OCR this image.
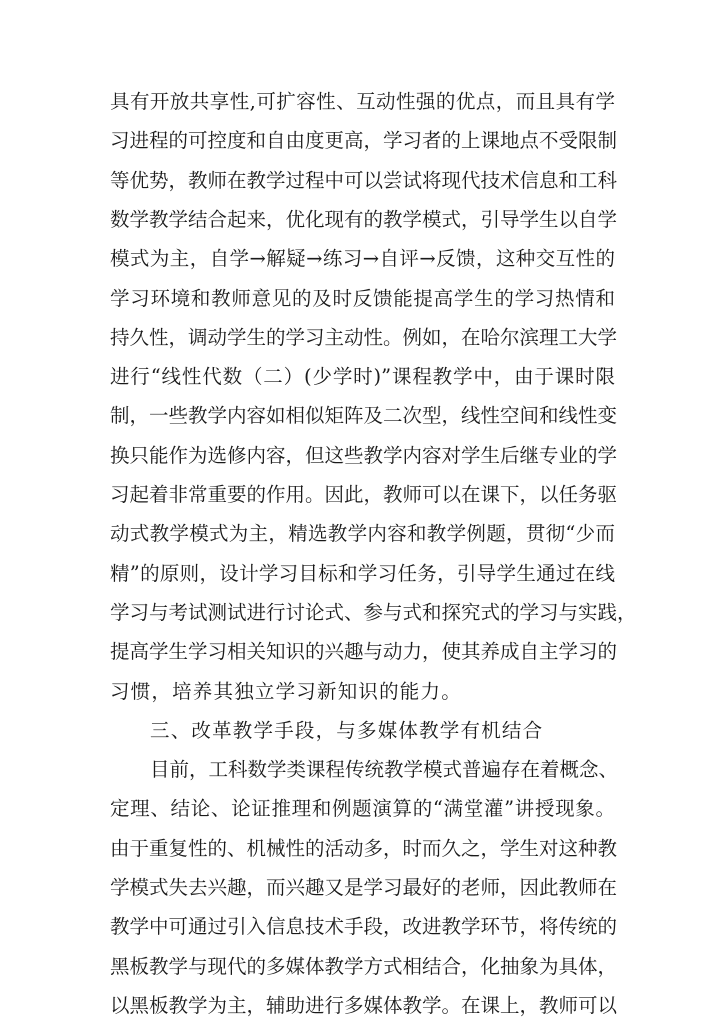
具有开放共享性,可扩容性、互动性强的优点，而且具有学
习进程的可控度和自由度更高，学习者的上课地点不受限制
等优势，教师在教学过程中可以尝试将现代技术信息和工科
数学教学结合起来，优化现有的教学模式，引导学生以自学
模式为主，自学→解疑→练习→自评→反馈，这种交互性的
学习环境和教师意见的及时反馈能提高学生的学习热情和
持久性，调动学生的学习主动性。例如，在哈尔滨理工大学
进行“线性代数（二）(少学时)”课程教学中，由于课时限
制，一些教学内容如相似矩阵及二次型，线性空间和线性变
换只能作为选修内容，但这些教学内容对学生后继专业的学
习起着非常重要的作用。因此，教师可以在课下，以任务驱
动式教学模式为主，精选教学内容和教学例题，贯彻“少而
精”的原则，设计学习目标和学习任务，引导学生通过在线
学习与考试测试进行讨论式、参与式和探究式的学习与实践，
提高学生学习相关知识的兴趣与动力，使其养成自主学习的
习惯，培养其独立学习新知识的能力。
三、改革教学手段，与多媒体教学有机结合
目前，工科数学类课程传统教学模式普遍存在着概念、
定理、结论、论证推理和例题演算的“满堂灌”讲授现象。
由于重复性的、机械性的活动多，时而久之，学生对这种教
学模式失去兴趣，而兴趣又是学习最好的老师，因此教师在
教学中可通过引入信息技术手段，改进教学环节，将传统的
黑板教学与现代的多媒体教学方式相结合，化抽象为具体，
以黑板教学为主，辅助进行多媒体教学。在课上，教师可以
